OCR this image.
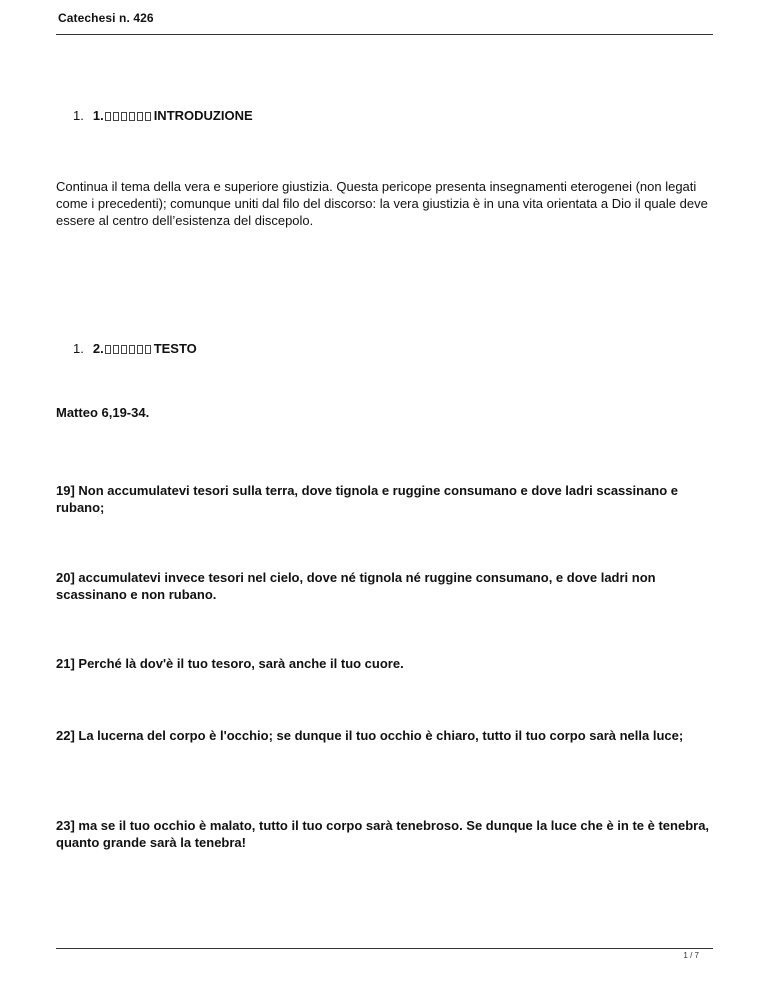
Catechesi n. 426
1. 1.	INTRODUZIONE
Continua il tema della vera e superiore giustizia. Questa pericope presenta insegnamenti eterogenei (non legati come i precedenti); comunque uniti dal filo del discorso: la vera giustizia è in una vita orientata a Dio il quale deve essere al centro dell’esistenza del discepolo.
1. 2.	TESTO
Matteo 6,19-34.
19] Non accumulatevi tesori sulla terra, dove tignola e ruggine consumano e dove ladri scassinano e rubano;
20] accumulatevi invece tesori nel cielo, dove né tignola né ruggine consumano, e dove ladri non scassinano e non rubano.
21] Perché là dov'è il tuo tesoro, sarà anche il tuo cuore.
22] La lucerna del corpo è l'occhio; se dunque il tuo occhio è chiaro, tutto il tuo corpo sarà nella luce;
23] ma se il tuo occhio è malato, tutto il tuo corpo sarà tenebroso. Se dunque la luce che è in te è tenebra, quanto grande sarà la tenebra!
1 / 7
